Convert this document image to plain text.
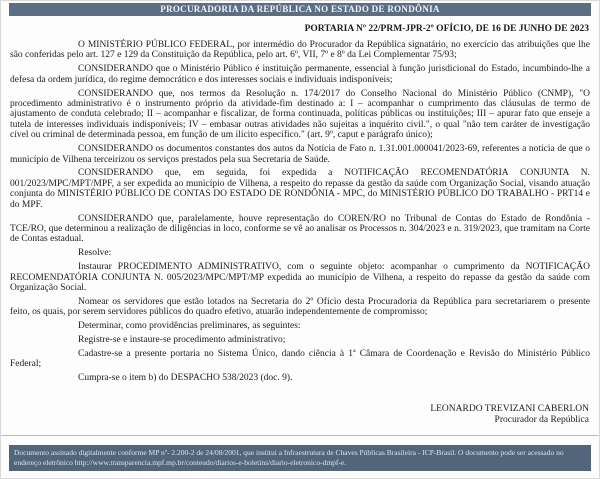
PROCURADORIA DA REPÚBLICA NO ESTADO DE RONDÔNIA
PORTARIA Nº 22/PRM-JPR-2º OFÍCIO, DE 16 DE JUNHO DE 2023

O MINISTÉRIO PÚBLICO FEDERAL, por intermédio do Procurador da República signatário, no exercício das atribuições que lhe são conferidas pelo art. 127 e 129 da Constituição da República, pelo art. 6º, VII, 7º e 8º da Lei Complementar 75/93;

CONSIDERANDO que o Ministério Público é instituição permanente, essencial à função jurisdicional do Estado, incumbindo-lhe a defesa da ordem jurídica, do regime democrático e dos interesses sociais e individuais indisponíveis;

CONSIDERANDO que, nos termos da Resolução n. 174/2017 do Conselho Nacional do Ministério Público (CNMP), "O procedimento administrativo é o instrumento próprio da atividade-fim destinado a: I – acompanhar o cumprimento das cláusulas de termo de ajustamento de conduta celebrado; II – acompanhar e fiscalizar, de forma continuada, políticas públicas ou instituições; III – apurar fato que enseje a tutela de interesses individuais indisponíveis; IV – embasar outras atividades não sujeitas a inquérito civil.", o qual "não tem caráter de investigação cível ou criminal de determinada pessoa, em função de um ilícito específico." (art. 9º, caput e parágrafo único);

CONSIDERANDO os documentos constantes dos autos da Notícia de Fato n. 1.31.001.000041/2023-69, referentes a notícia de que o município de Vilhena terceirizou os serviços prestados pela sua Secretaria de Saúde.

CONSIDERANDO que, em seguida, foi expedida a NOTIFICAÇÃO RECOMENDATÓRIA CONJUNTA N. 001/2023/MPC/MPT/MPF, a ser expedida ao município de Vilhena, a respeito do repasse da gestão da saúde com Organização Social, visando atuação conjunta do MINISTÉRIO PÚBLICO DE CONTAS DO ESTADO DE RONDÔNIA - MPC, do MINISTÉRIO PÚBLICO DO TRABALHO - PRT14 e do MPF.

CONSIDERANDO que, paralelamente, houve representação do COREN/RO no Tribunal de Contas do Estado de Rondônia - TCE/RO, que determinou a realização de diligências in loco, conforme se vê ao analisar os Processos n. 304/2023 e n. 319/2023, que tramitam na Corte de Contas estadual.

Resolve:

Instaurar PROCEDIMENTO ADMINISTRATIVO, com o seguinte objeto: acompanhar o cumprimento da NOTIFICAÇÃO RECOMENDATÓRIA CONJUNTA N. 005/2023/MPC/MPT/MP expedida ao município de Vilhena, a respeito do repasse da gestão da saúde com Organização Social.

Nomear os servidores que estão lotados na Secretaria do 2º Ofício desta Procuradoria da República para secretariarem o presente feito, os quais, por serem servidores públicos do quadro efetivo, atuarão independentemente de compromisso;

Determinar, como providências preliminares, as seguintes:

Registre-se e instaure-se procedimento administrativo;

Cadastre-se a presente portaria no Sistema Único, dando ciência à 1ª Câmara de Coordenação e Revisão do Ministério Público Federal;

Cumpra-se o item b) do DESPACHO 538/2023 (doc. 9).

LEONARDO TREVIZANI CABERLON
Procurador da República
Documento assinado digitalmente conforme MP nº- 2.200-2 de 24/08/2001, que institui a Infraestrutura de Chaves Públicas Brasileira - ICP-Brasil. O documento pode ser acessado no endereço eletrônico http://www.transparencia.mpf.mp.br/conteudo/diarios-e-boletins/diario-eletronico-dmpf-e.
